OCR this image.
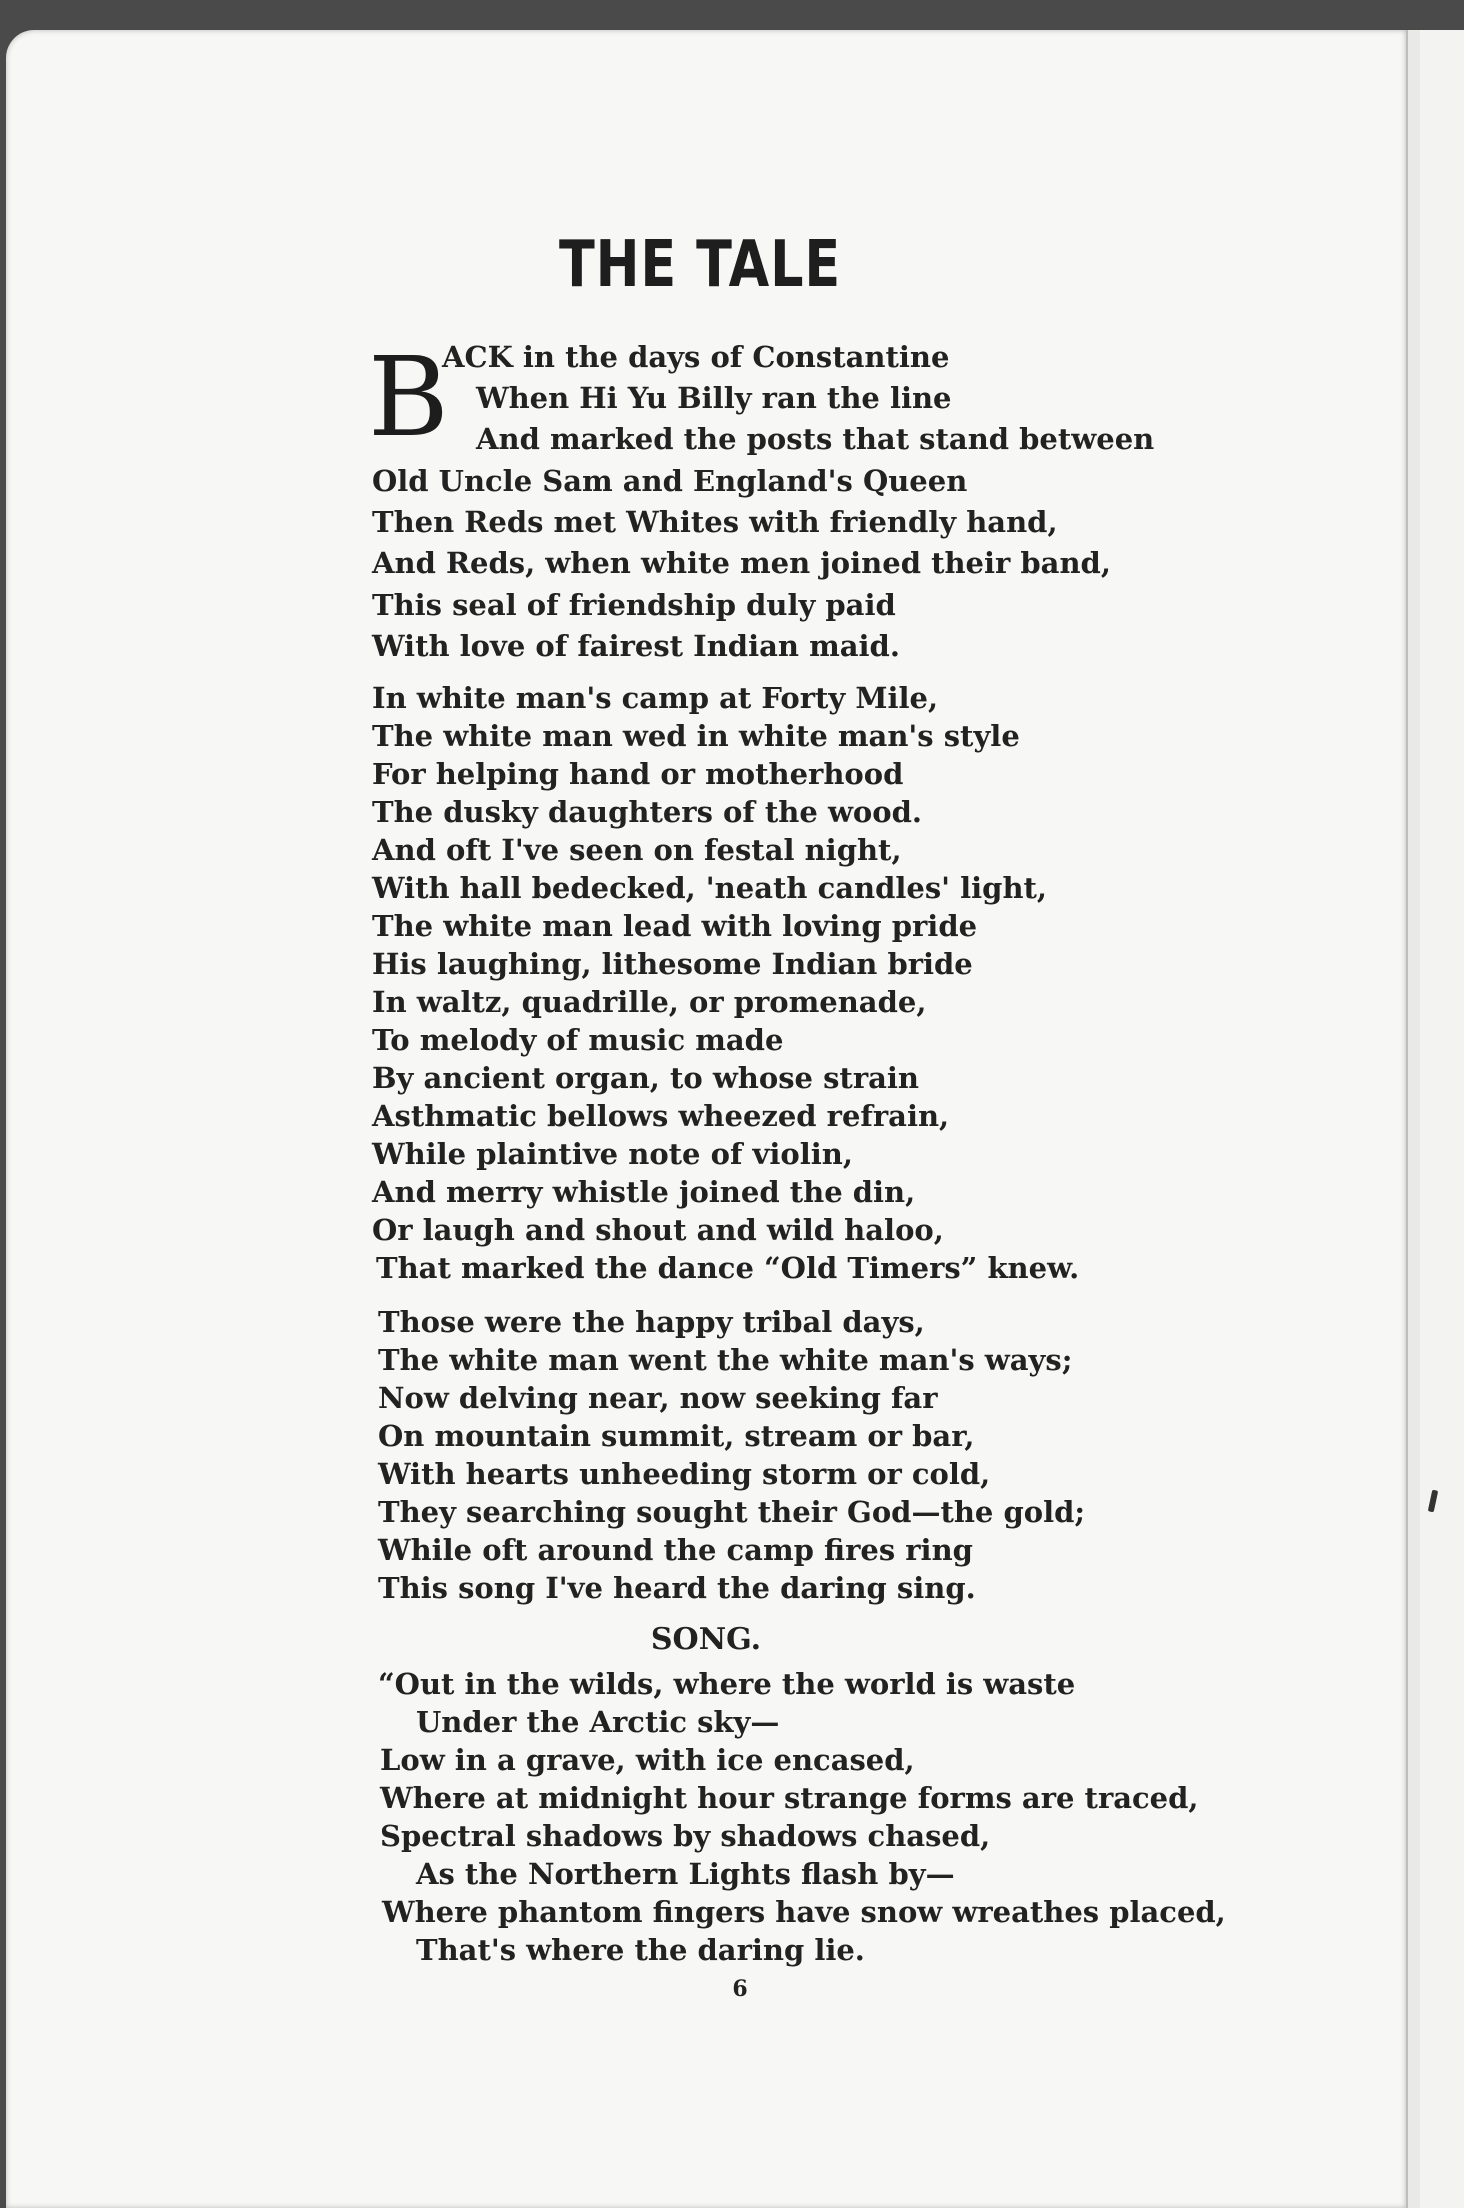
THE TALE
B
ACK in the days of Constantine
When Hi Yu Billy ran the line
And marked the posts that stand between
Old Uncle Sam and England's Queen
Then Reds met Whites with friendly hand,
And Reds, when white men joined their band,
This seal of friendship duly paid
With love of fairest Indian maid.
In white man's camp at Forty Mile,
The white man wed in white man's style
For helping hand or motherhood
The dusky daughters of the wood.
And oft I've seen on festal night,
With hall bedecked, 'neath candles' light,
The white man lead with loving pride
His laughing, lithesome Indian bride
In waltz, quadrille, or promenade,
To melody of music made
By ancient organ, to whose strain
Asthmatic bellows wheezed refrain,
While plaintive note of violin,
And merry whistle joined the din,
Or laugh and shout and wild haloo,
That marked the dance “Old Timers” knew.
Those were the happy tribal days,
The white man went the white man's ways;
Now delving near, now seeking far
On mountain summit, stream or bar,
With hearts unheeding storm or cold,
They searching sought their God—the gold;
While oft around the camp fires ring
This song I've heard the daring sing.
SONG.
“Out in the wilds, where the world is waste
Under the Arctic sky—
Low in a grave, with ice encased,
Where at midnight hour strange forms are traced,
Spectral shadows by shadows chased,
As the Northern Lights flash by—
Where phantom fingers have snow wreathes placed,
That's where the daring lie.
6
